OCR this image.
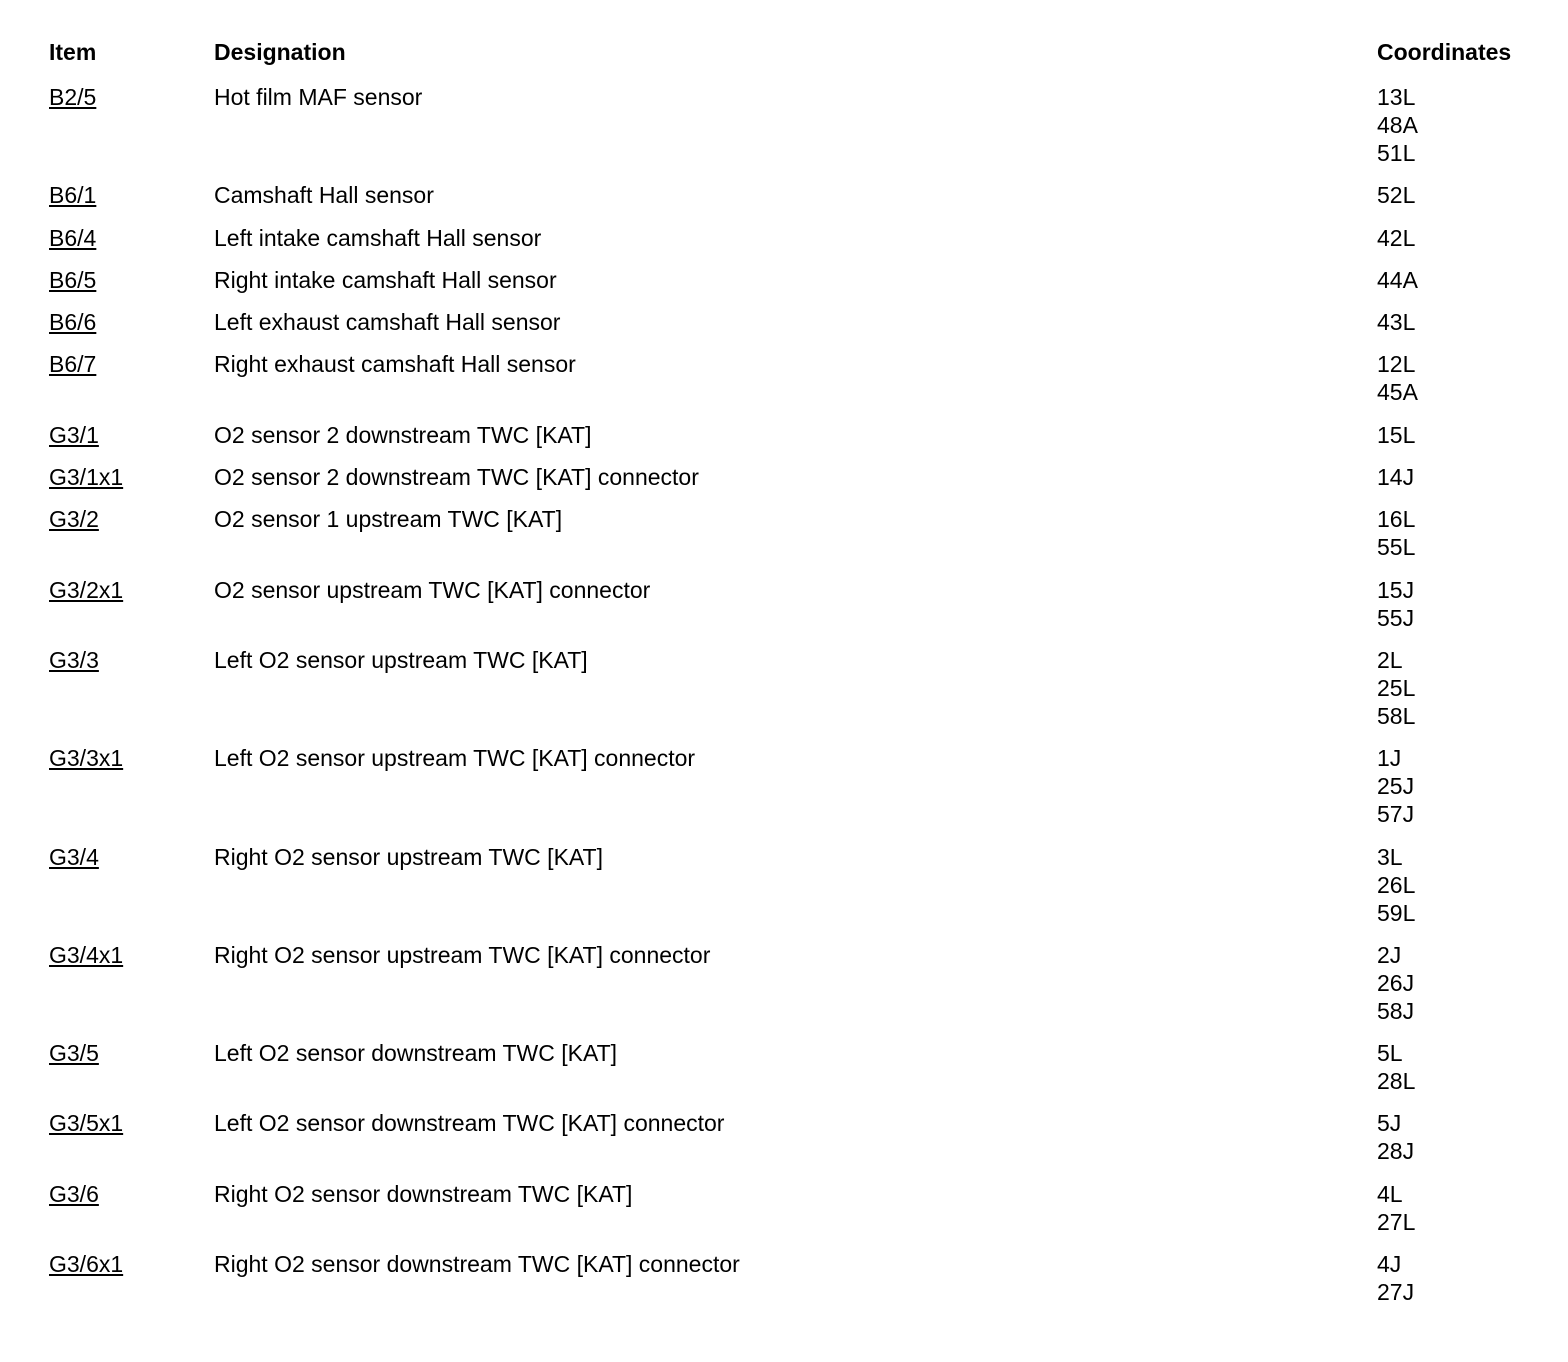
Item	Designation	Coordinates
B2/5	Hot film MAF sensor	13L
48A
51L
B6/1	Camshaft Hall sensor	52L
B6/4	Left intake camshaft Hall sensor	42L
B6/5	Right intake camshaft Hall sensor	44A
B6/6	Left exhaust camshaft Hall sensor	43L
B6/7	Right exhaust camshaft Hall sensor	12L
45A
G3/1	O2 sensor 2 downstream TWC [KAT]	15L
G3/1x1	O2 sensor 2 downstream TWC [KAT] connector	14J
G3/2	O2 sensor 1 upstream TWC [KAT]	16L
55L
G3/2x1	O2 sensor upstream TWC [KAT] connector	15J
55J
G3/3	Left O2 sensor upstream TWC [KAT]	2L
25L
58L
G3/3x1	Left O2 sensor upstream TWC [KAT] connector	1J
25J
57J
G3/4	Right O2 sensor upstream TWC [KAT]	3L
26L
59L
G3/4x1	Right O2 sensor upstream TWC [KAT] connector	2J
26J
58J
G3/5	Left O2 sensor downstream TWC [KAT]	5L
28L
G3/5x1	Left O2 sensor downstream TWC [KAT] connector	5J
28J
G3/6	Right O2 sensor downstream TWC [KAT]	4L
27L
G3/6x1	Right O2 sensor downstream TWC [KAT] connector	4J
27J
